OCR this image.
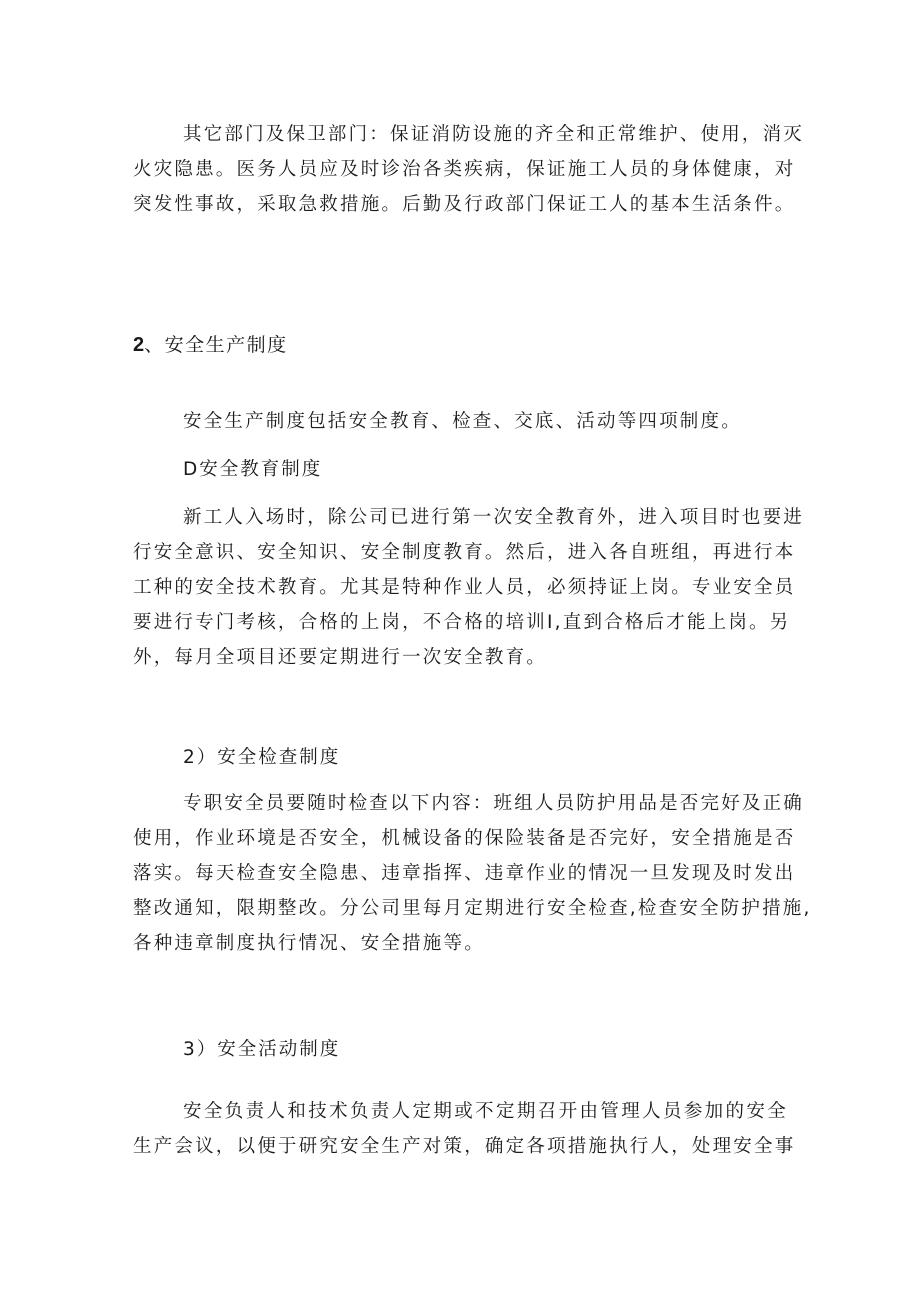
其它部门及保卫部门：保证消防设施的齐全和正常维护、使用，消灭
火灾隐患。医务人员应及时诊治各类疾病，保证施工人员的身体健康，对
突发性事故，采取急救措施。后勤及行政部门保证工人的基本生活条件。
2、安全生产制度
安全生产制度包括安全教育、检查、交底、活动等四项制度。
D安全教育制度
新工人入场时，除公司已进行第一次安全教育外，进入项目时也要进
行安全意识、安全知识、安全制度教育。然后，进入各自班组，再进行本
工种的安全技术教育。尤其是特种作业人员，必须持证上岗。专业安全员
要进行专门考核，合格的上岗，不合格的培训I,直到合格后才能上岗。另
外，每月全项目还要定期进行一次安全教育。
2）安全检查制度
专职安全员要随时检查以下内容：班组人员防护用品是否完好及正确
使用，作业环境是否安全，机械设备的保险装备是否完好，安全措施是否
落实。每天检查安全隐患、违章指挥、违章作业的情况一旦发现及时发出
整改通知，限期整改。分公司里每月定期进行安全检查,检查安全防护措施,
各种违章制度执行情况、安全措施等。
3）安全活动制度
安全负责人和技术负责人定期或不定期召开由管理人员参加的安全
生产会议，以便于研究安全生产对策，确定各项措施执行人，处理安全事
